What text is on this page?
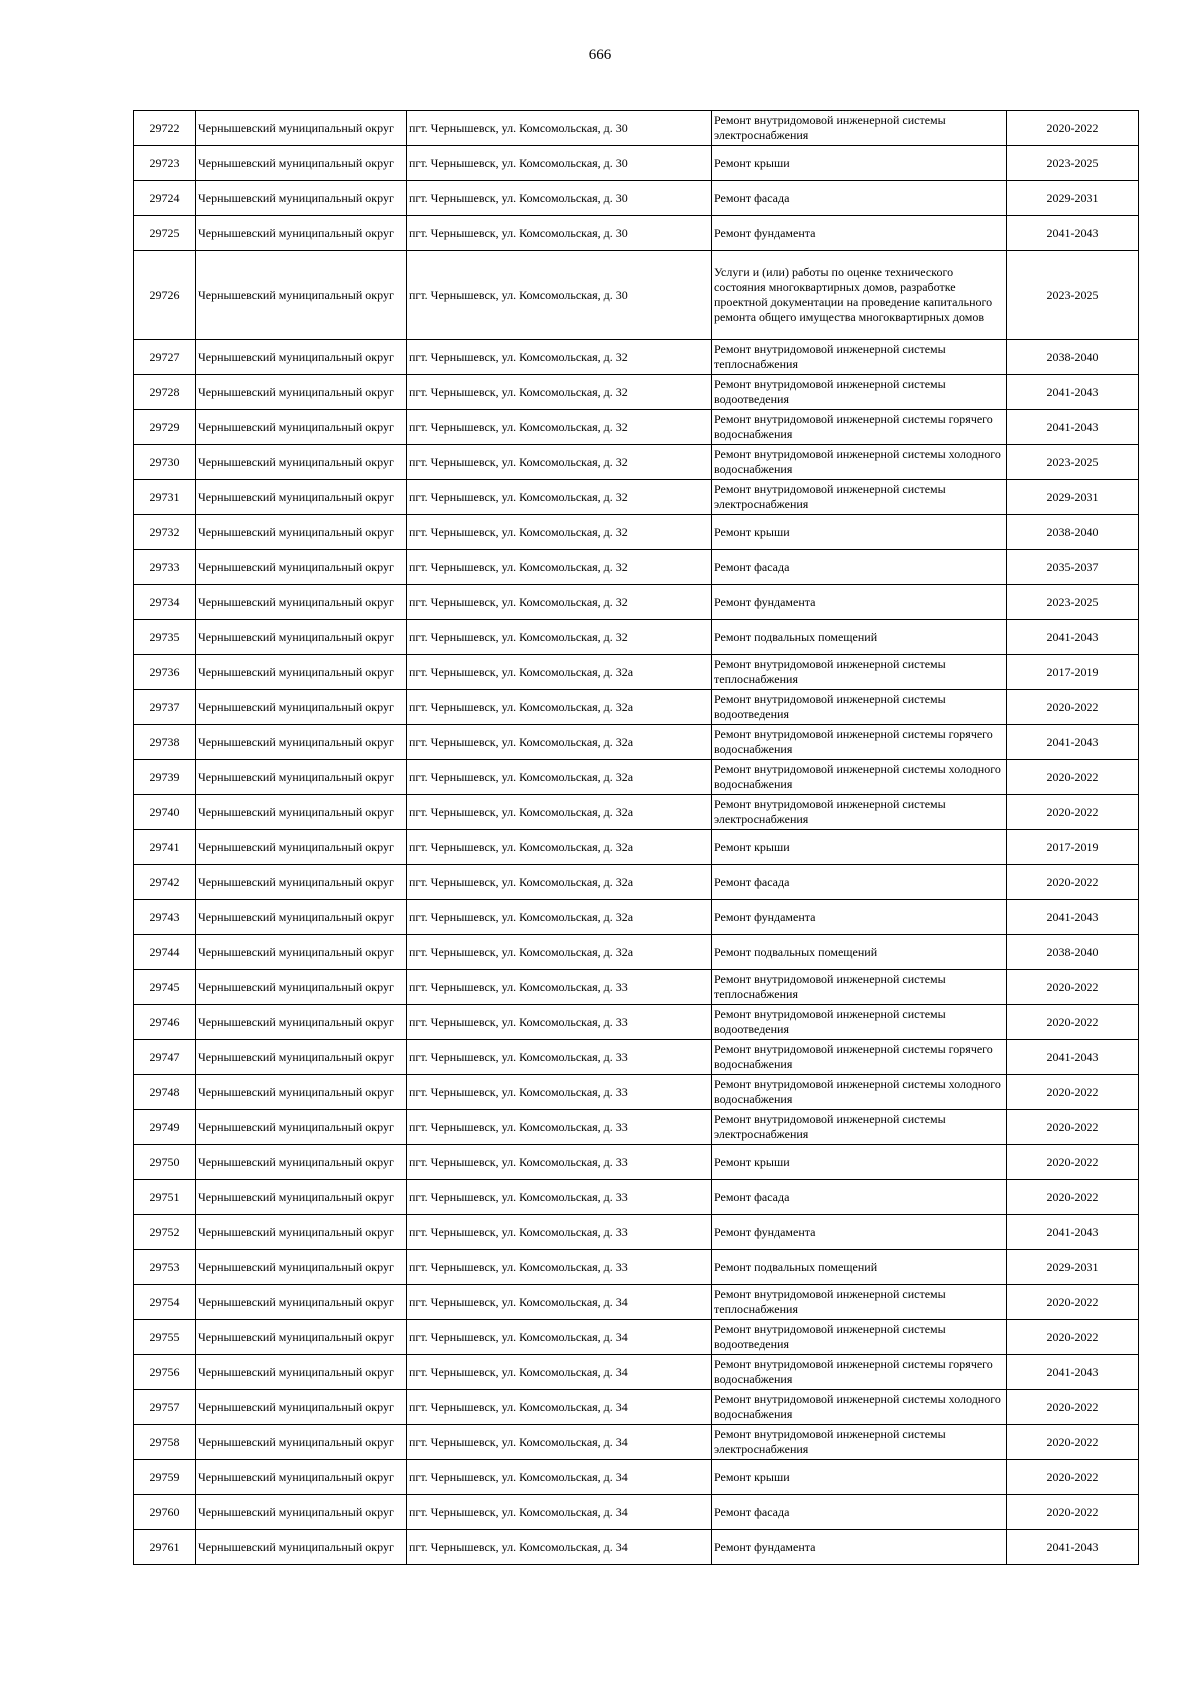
666
29722	Чернышевский муниципальный округ	пгт. Чернышевск, ул. Комсомольская, д. 30	Ремонт внутридомовой инженерной системы электроснабжения	2020-2022
29723	Чернышевский муниципальный округ	пгт. Чернышевск, ул. Комсомольская, д. 30	Ремонт крыши	2023-2025
29724	Чернышевский муниципальный округ	пгт. Чернышевск, ул. Комсомольская, д. 30	Ремонт фасада	2029-2031
29725	Чернышевский муниципальный округ	пгт. Чернышевск, ул. Комсомольская, д. 30	Ремонт фундамента	2041-2043
29726	Чернышевский муниципальный округ	пгт. Чернышевск, ул. Комсомольская, д. 30	Услуги и (или) работы по оценке технического состояния многоквартирных домов, разработке проектной документации на проведение капитального ремонта общего имущества многоквартирных домов	2023-2025
29727	Чернышевский муниципальный округ	пгт. Чернышевск, ул. Комсомольская, д. 32	Ремонт внутридомовой инженерной системы теплоснабжения	2038-2040
29728	Чернышевский муниципальный округ	пгт. Чернышевск, ул. Комсомольская, д. 32	Ремонт внутридомовой инженерной системы водоотведения	2041-2043
29729	Чернышевский муниципальный округ	пгт. Чернышевск, ул. Комсомольская, д. 32	Ремонт внутридомовой инженерной системы горячего водоснабжения	2041-2043
29730	Чернышевский муниципальный округ	пгт. Чернышевск, ул. Комсомольская, д. 32	Ремонт внутридомовой инженерной системы холодного водоснабжения	2023-2025
29731	Чернышевский муниципальный округ	пгт. Чернышевск, ул. Комсомольская, д. 32	Ремонт внутридомовой инженерной системы электроснабжения	2029-2031
29732	Чернышевский муниципальный округ	пгт. Чернышевск, ул. Комсомольская, д. 32	Ремонт крыши	2038-2040
29733	Чернышевский муниципальный округ	пгт. Чернышевск, ул. Комсомольская, д. 32	Ремонт фасада	2035-2037
29734	Чернышевский муниципальный округ	пгт. Чернышевск, ул. Комсомольская, д. 32	Ремонт фундамента	2023-2025
29735	Чернышевский муниципальный округ	пгт. Чернышевск, ул. Комсомольская, д. 32	Ремонт подвальных помещений	2041-2043
29736	Чернышевский муниципальный округ	пгт. Чернышевск, ул. Комсомольская, д. 32а	Ремонт внутридомовой инженерной системы теплоснабжения	2017-2019
29737	Чернышевский муниципальный округ	пгт. Чернышевск, ул. Комсомольская, д. 32а	Ремонт внутридомовой инженерной системы водоотведения	2020-2022
29738	Чернышевский муниципальный округ	пгт. Чернышевск, ул. Комсомольская, д. 32а	Ремонт внутридомовой инженерной системы горячего водоснабжения	2041-2043
29739	Чернышевский муниципальный округ	пгт. Чернышевск, ул. Комсомольская, д. 32а	Ремонт внутридомовой инженерной системы холодного водоснабжения	2020-2022
29740	Чернышевский муниципальный округ	пгт. Чернышевск, ул. Комсомольская, д. 32а	Ремонт внутридомовой инженерной системы электроснабжения	2020-2022
29741	Чернышевский муниципальный округ	пгт. Чернышевск, ул. Комсомольская, д. 32а	Ремонт крыши	2017-2019
29742	Чернышевский муниципальный округ	пгт. Чернышевск, ул. Комсомольская, д. 32а	Ремонт фасада	2020-2022
29743	Чернышевский муниципальный округ	пгт. Чернышевск, ул. Комсомольская, д. 32а	Ремонт фундамента	2041-2043
29744	Чернышевский муниципальный округ	пгт. Чернышевск, ул. Комсомольская, д. 32а	Ремонт подвальных помещений	2038-2040
29745	Чернышевский муниципальный округ	пгт. Чернышевск, ул. Комсомольская, д. 33	Ремонт внутридомовой инженерной системы теплоснабжения	2020-2022
29746	Чернышевский муниципальный округ	пгт. Чернышевск, ул. Комсомольская, д. 33	Ремонт внутридомовой инженерной системы водоотведения	2020-2022
29747	Чернышевский муниципальный округ	пгт. Чернышевск, ул. Комсомольская, д. 33	Ремонт внутридомовой инженерной системы горячего водоснабжения	2041-2043
29748	Чернышевский муниципальный округ	пгт. Чернышевск, ул. Комсомольская, д. 33	Ремонт внутридомовой инженерной системы холодного водоснабжения	2020-2022
29749	Чернышевский муниципальный округ	пгт. Чернышевск, ул. Комсомольская, д. 33	Ремонт внутридомовой инженерной системы электроснабжения	2020-2022
29750	Чернышевский муниципальный округ	пгт. Чернышевск, ул. Комсомольская, д. 33	Ремонт крыши	2020-2022
29751	Чернышевский муниципальный округ	пгт. Чернышевск, ул. Комсомольская, д. 33	Ремонт фасада	2020-2022
29752	Чернышевский муниципальный округ	пгт. Чернышевск, ул. Комсомольская, д. 33	Ремонт фундамента	2041-2043
29753	Чернышевский муниципальный округ	пгт. Чернышевск, ул. Комсомольская, д. 33	Ремонт подвальных помещений	2029-2031
29754	Чернышевский муниципальный округ	пгт. Чернышевск, ул. Комсомольская, д. 34	Ремонт внутридомовой инженерной системы теплоснабжения	2020-2022
29755	Чернышевский муниципальный округ	пгт. Чернышевск, ул. Комсомольская, д. 34	Ремонт внутридомовой инженерной системы водоотведения	2020-2022
29756	Чернышевский муниципальный округ	пгт. Чернышевск, ул. Комсомольская, д. 34	Ремонт внутридомовой инженерной системы горячего водоснабжения	2041-2043
29757	Чернышевский муниципальный округ	пгт. Чернышевск, ул. Комсомольская, д. 34	Ремонт внутридомовой инженерной системы холодного водоснабжения	2020-2022
29758	Чернышевский муниципальный округ	пгт. Чернышевск, ул. Комсомольская, д. 34	Ремонт внутридомовой инженерной системы электроснабжения	2020-2022
29759	Чернышевский муниципальный округ	пгт. Чернышевск, ул. Комсомольская, д. 34	Ремонт крыши	2020-2022
29760	Чернышевский муниципальный округ	пгт. Чернышевск, ул. Комсомольская, д. 34	Ремонт фасада	2020-2022
29761	Чернышевский муниципальный округ	пгт. Чернышевск, ул. Комсомольская, д. 34	Ремонт фундамента	2041-2043
